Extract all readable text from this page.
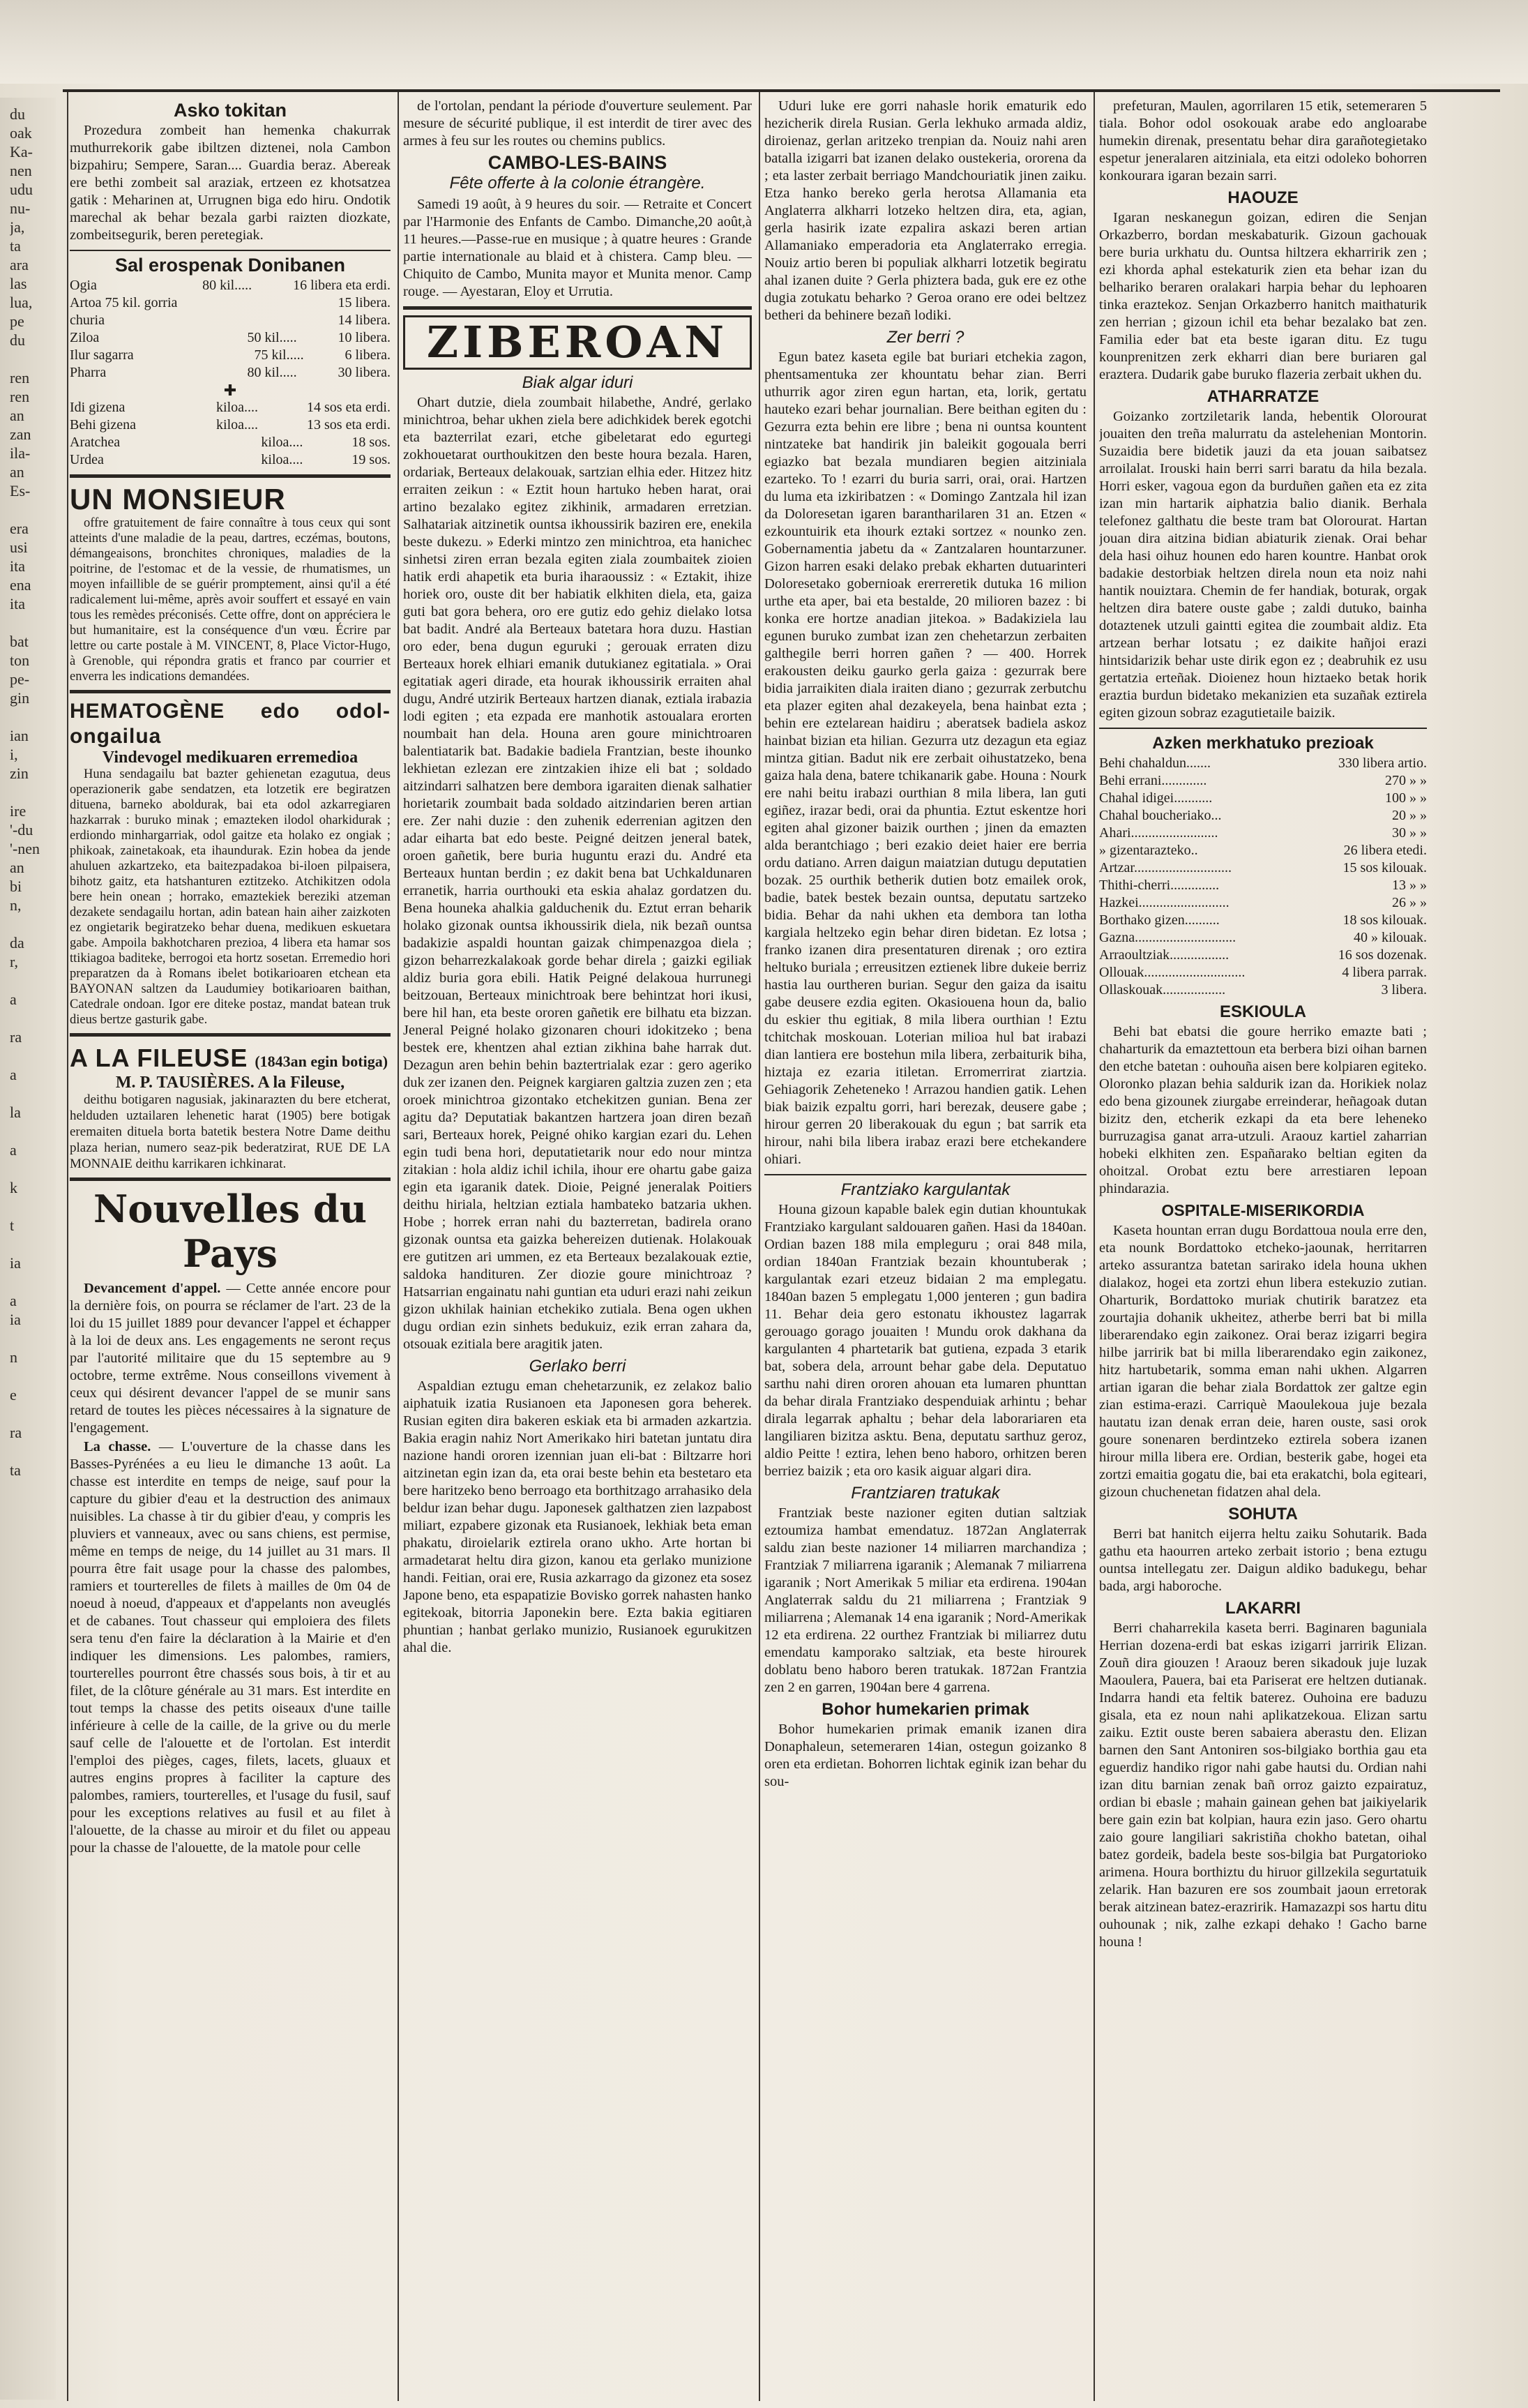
du
oak
Ka-
nen
udu
nu-
ja,
ta
ara
las
lua,
pe
du
ren
ren
an
zan
ila-
an
Es-
era
usi
ita
ena
ita
bat
ton
pe-
gin
ian
i,
zin
ire
'-du
'-nen
an
bi
n,
da
r,
a
ra
a
la
a
k
t
ia
a
ia
n
e
ra
ta
Asko tokitan

Prozedura zombeit han hemenka chakurrak muthurrekorik gabe ibiltzen diztenei, nola Cambon bizpahiru; Sempere, Saran.... Guardia beraz. Abereak ere bethi zombeit sal araziak, ertzeen ez khotsatzea gatik : Meharinen at, Urrugnen biga edo hiru. Ondotik marechal ak behar bezala garbi raizten diozkate, zombeitsegurik, beren peretegiak.

Sal erospenak Donibanen
Ogia	80 kil.....	16 libera eta erdi.
Artoa 75 kil. gorria	15 libera.
churia	14 libera.
Ziloa	50 kil.....	10 libera.
Ilur sagarra	75 kil.....	6 libera.
Pharra	80 kil.....	30 libera.
✚
Idi gizena	kiloa....	14 sos eta erdi.
Behi gizena	kiloa....	13 sos eta erdi.
Aratchea	kiloa....	18 sos.
Urdea	kiloa....	19 sos.
UN MONSIEUR

offre gratuitement de faire connaître à tous ceux qui sont atteints d'une maladie de la peau, dartres, eczémas, boutons, démangeaisons, bronchites chroniques, maladies de la poitrine, de l'estomac et de la vessie, de rhumatismes, un moyen infaillible de se guérir promptement, ainsi qu'il a été radicalement lui-même, après avoir souffert et essayé en vain tous les remèdes préconisés. Cette offre, dont on appréciera le but humanitaire, est la conséquence d'un vœu. Écrire par lettre ou carte postale à M. VINCENT, 8, Place Victor-Hugo, à Grenoble, qui répondra gratis et franco par courrier et enverra les indications demandées.

HEMATOGÈNE edo odol-ongailua
Vindevogel medikuaren erremedioa

Huna sendagailu bat bazter gehienetan ezagutua, deus operazionerik gabe sendatzen, eta lotzetik ere begiratzen dituena, barneko aboldurak, bai eta odol azkarregiaren hazkarrak : buruko minak ; emazteken ilodol oharkidurak ; erdiondo minhargarriak, odol gaitze eta holako ez ongiak ; phikoak, zainetakoak, eta ihaundurak. Ezin hobea da jende ahuluen azkartzeko, eta baitezpadakoa bi-iloen pilpaisera, bihotz gaitz, eta hatshanturen eztitzeko. Atchikitzen odola bere hein onean ; horrako, emaztekiek bereziki atzeman dezakete sendagailu hortan, adin batean hain aiher zaizkoten ez ongietarik begiratzeko behar duena, medikuen eskuetara gabe. Ampoila bakhotcharen prezioa, 4 libera eta hamar sos ttikiagoa baditeke, berrogoi eta hortz sosetan. Erremedio hori preparatzen da à Romans ibelet botikarioaren etchean eta BAYONAN saltzen da Laudumiey botikarioaren baithan, Catedrale ondoan. Igor ere diteke postaz, mandat batean truk dieus bertze gasturik gabe.

A LA FILEUSE (1843an egin botiga)
M. P. TAUSIÈRES. A la Fileuse,

deithu botigaren nagusiak, jakinarazten du bere etcherat, helduden uztailaren lehenetic harat (1905) bere botigak eremaiten dituela borta batetik bestera Notre Dame deithu plaza herian, numero seaz-pik bederatzirat, RUE DE LA MONNAIE deithu karrikaren ichkinarat.

Nouvelles du Pays

Devancement d'appel. — Cette année encore pour la dernière fois, on pourra se réclamer de l'art. 23 de la loi du 15 juillet 1889 pour devancer l'appel et échapper à la loi de deux ans. Les engagements ne seront reçus par l'autorité militaire que du 15 septembre au 9 octobre, terme extrême. Nous conseillons vivement à ceux qui désirent devancer l'appel de se munir sans retard de toutes les pièces nécessaires à la signature de l'engagement.

La chasse. — L'ouverture de la chasse dans les Basses-Pyrénées a eu lieu le dimanche 13 août. La chasse est interdite en temps de neige, sauf pour la capture du gibier d'eau et la destruction des animaux nuisibles. La chasse à tir du gibier d'eau, y compris les pluviers et vanneaux, avec ou sans chiens, est permise, même en temps de neige, du 14 juillet au 31 mars. Il pourra être fait usage pour la chasse des palombes, ramiers et tourterelles de filets à mailles de 0m 04 de noeud à noeud, d'appeaux et d'appelants non aveuglés et de cabanes. Tout chasseur qui emploiera des filets sera tenu d'en faire la déclaration à la Mairie et d'en indiquer les dimensions. Les palombes, ramiers, tourterelles pourront être chassés sous bois, à tir et au filet, de la clôture générale au 31 mars. Est interdite en tout temps la chasse des petits oiseaux d'une taille inférieure à celle de la caille, de la grive ou du merle sauf celle de l'alouette et de l'ortolan. Est interdit l'emploi des pièges, cages, filets, lacets, gluaux et autres engins propres à faciliter la capture des palombes, ramiers, tourterelles, et l'usage du fusil, sauf pour les exceptions relatives au fusil et au filet à l'alouette, de la chasse au miroir et du filet ou appeau pour la chasse de l'alouette, de la matole pour celle

de l'ortolan, pendant la période d'ouverture seulement. Par mesure de sécurité publique, il est interdit de tirer avec des armes à feu sur les routes ou chemins publics.

CAMBO-LES-BAINS
Fête offerte à la colonie étrangère.

Samedi 19 août, à 9 heures du soir. — Retraite et Concert par l'Harmonie des Enfants de Cambo. Dimanche,20 août,à 11 heures.—Passe-rue en musique ; à quatre heures : Grande partie internationale au blaid et à chistera. Camp bleu. — Chiquito de Cambo, Munita mayor et Munita menor. Camp rouge. — Ayestaran, Eloy et Urrutia.

ZIBEROAN
Biak algar iduri

Ohart dutzie, diela zoumbait hilabethe, André, gerlako minichtroa, behar ukhen ziela bere adichkidek berek egotchi eta bazterrilat ezari, etche gibeletarat edo egurtegi zokhouetarat ourthoukitzen den beste houra bezala. Haren, ordariak, Berteaux delakouak, sartzian elhia eder. Hitzez hitz erraiten zeikun : « Eztit houn hartuko heben harat, orai artino bezalako egitez zikhinik, armadaren erretzian. Salhatariak aitzinetik ountsa ikhoussirik baziren ere, enekila beste dukezu. » Ederki mintzo zen minichtroa, eta hanichec sinhetsi ziren erran bezala egiten ziala zoumbaitek zioien hatik erdi ahapetik eta buria iharaoussiz : « Eztakit, ihize horiek oro, ouste dit ber habiatik elkhiten diela, eta, gaiza guti bat gora behera, oro ere gutiz edo gehiz dielako lotsa bat badit. André ala Berteaux batetara hora duzu. Hastian oro eder, bena dugun eguruki ; gerouak erraten dizu Berteaux horek elhiari emanik dutukianez egitatiala. » Orai egitatiak ageri dirade, eta hourak ikhoussirik erraiten ahal dugu, André utzirik Berteaux hartzen dianak, eztiala irabazia lodi egiten ; eta ezpada ere manhotik astoualara erorten noumbait han dela. Houna aren goure minichtroaren balentiatarik bat. Badakie badiela Frantzian, beste ihounko lekhietan ezlezan ere zintzakien ihize eli bat ; soldado aitzindarri salhatzen bere dembora igaraiten dienak salhatier horietarik zoumbait bada soldado aitzindarien beren artian ere. Zer nahi duzie : den zuhenik ederrenian agitzen den adar eiharta bat edo beste. Peigné deitzen jeneral batek, oroen gañetik, bere buria huguntu erazi du. André eta Berteaux huntan berdin ; ez dakit bena bat Uchkaldunaren erranetik, harria ourthouki eta eskia ahalaz gordatzen du. Bena houneka ahalkia galduchenik du. Eztut erran beharik holako gizonak ountsa ikhoussirik diela, nik bezañ ountsa badakizie aspaldi hountan gaizak chimpenazgoa diela ; gizon beharrezkalakoak gorde behar direla ; gaizki egiliak aldiz buria gora ebili. Hatik Peigné delakoua hurrunegi beitzouan, Berteaux minichtroak bere behintzat hori ikusi, bere hil han, eta beste ororen gañetik ere bilhatu eta bizzan. Jeneral Peigné holako gizonaren chouri idokitzeko ; bena bestek ere, khentzen ahal eztian zikhina bahe harrak dut. Dezagun aren behin behin baztertrialak ezar : gero ageriko duk zer izanen den. Peignek kargiaren galtzia zuzen zen ; eta oroek minichtroa gizontako etchekitzen gunian. Bena zer agitu da? Deputatiak bakantzen hartzera joan diren bezañ sari, Berteaux horek, Peigné ohiko kargian ezari du. Lehen egin tudi bena hori, deputatietarik nour edo nour mintza zitakian : hola aldiz ichil ichila, ihour ere ohartu gabe gaiza egin eta igaranik datek. Dioie, Peigné jeneralak Poitiers deithu hiriala, heltzian eztiala hambateko batzaria ukhen. Hobe ; horrek erran nahi du bazterretan, badirela orano gizonak ountsa eta gaizka behereizen dutienak. Holakouak ere gutitzen ari ummen, ez eta Berteaux bezalakouak eztie, saldoka handituren. Zer diozie goure minichtroaz ? Hatsarrian engainatu nahi guntian eta uduri erazi nahi zeikun gizon ukhilak hainian etchekiko zutiala. Bena ogen ukhen dugu ordian ezin sinhets bedukuiz, ezik erran zahara da, otsouak ezitiala bere aragitik jaten.

Gerlako berri

Aspaldian eztugu eman chehetarzunik, ez zelakoz balio aiphatuik izatia Rusianoen eta Japonesen gora beherek. Rusian egiten dira bakeren eskiak eta bi armaden azkartzia. Bakia eragin nahiz Nort Amerikako hiri batetan juntatu dira nazione handi ororen izennian juan eli-bat : Biltzarre hori aitzinetan egin izan da, eta orai beste behin eta bestetaro eta bere haritzeko beno berroago eta borthitzago arrahasiko dela beldur izan behar dugu. Japonesek galthatzen zien lazpabost miliart, ezpabere gizonak eta Rusianoek, lekhiak beta eman phakatu, diroielarik eztirela orano ukho. Arte hortan bi armadetarat heltu dira gizon, kanou eta gerlako munizione handi. Feitian, orai ere, Rusia azkarrago da gizonez eta sosez Japone beno, eta espapatizie Bovisko gorrek nahasten hanko egitekoak, bitorria Japonekin bere. Ezta bakia egitiaren phuntian ; hanbat gerlako munizio, Rusianoek egurukitzen ahal die.

Uduri luke ere gorri nahasle horik ematurik edo hezicherik direla Rusian. Gerla lekhuko armada aldiz, diroienaz, gerlan aritzeko trenpian da. Nouiz nahi aren batalla izigarri bat izanen delako oustekeria, ororena da ; eta laster zerbait berriago Mandchouriatik jinen zaiku. Etza hanko bereko gerla herotsa Allamania eta Anglaterra alkharri lotzeko heltzen dira, eta, agian, gerla hasirik izate ezpalira askazi beren artian Allamaniako emperadoria eta Anglaterrako erregia. Nouiz artio beren bi populiak alkharri lotzetik begiratu ahal izanen duite ? Gerla phiztera bada, guk ere ez othe dugia zotukatu beharko ? Geroa orano ere odei beltzez betheri da behinere bezañ lodiki.

Zer berri ?

Egun batez kaseta egile bat buriari etchekia zagon, phentsamentuka zer khountatu behar zian. Berri uthurrik agor ziren egun hartan, eta, lorik, gertatu hauteko ezari behar journalian. Bere beithan egiten du : Gezurra ezta behin ere libre ; bena ni ountsa kountent nintzateke bat handirik jin baleikit gogouala berri egiazko bat bezala mundiaren begien aitziniala ezarteko. To ! ezarri du buria sarri, orai, orai. Hartzen du luma eta izkiribatzen : « Domingo Zantzala hil izan da Doloresetan igaren barantharilaren 31 an. Etzen « ezkountuirik eta ihourk eztaki sortzez « nounko zen. Gobernamentia jabetu da « Zantzalaren hountarzuner. Gizon harren esaki delako prebak ekharten dutuarinteri Doloresetako gobernioak ererreretik dutuka 16 milion urthe eta aper, bai eta bestalde, 20 milioren bazez : bi konka ere hortze anadian jitekoa. » Badakiziela lau egunen buruko zumbat izan zen chehetarzun zerbaiten galthegile berri horren gañen ? — 400. Horrek erakousten deiku gaurko gerla gaiza : gezurrak bere bidia jarraikiten diala iraiten diano ; gezurrak zerbutchu eta plazer egiten ahal dezakeyela, bena hainbat ezta ; behin ere eztelarean haidiru ; aberatsek badiela askoz hainbat bizian eta hilian. Gezurra utz dezagun eta egiaz mintza gitian. Badut nik ere zerbait oihustatzeko, bena gaiza hala dena, batere tchikanarik gabe. Houna : Nourk ere nahi beitu irabazi ourthian 8 mila libera, lan guti egiñez, irazar bedi, orai da phuntia. Eztut eskentze hori egiten ahal gizoner baizik ourthen ; jinen da emazten alda berantchiago ; beri ezakio deiet haier ere berria ordu datiano. Arren daigun maiatzian dutugu deputatien bozak. 25 ourthik betherik dutien botz emailek orok, badie, batek bestek bezain ountsa, deputatu sartzeko bidia. Behar da nahi ukhen eta dembora tan lotha kargiala heltzeko egin behar diren bidetan. Ez lotsa ; franko izanen dira presentaturen direnak ; oro eztira heltuko buriala ; erreusitzen eztienek libre dukeie berriz hastia lau ourtheren burian. Segur den gaiza da isaitu gabe deusere ezdia egiten. Okasiouena houn da, balio du eskier thu egitiak, 8 mila libera ourthian ! Eztu tchitchak moskouan. Loterian milioa hul bat irabazi dian lantiera ere bostehun mila libera, zerbaiturik biha, hiztaja ez ezaria itiletan. Erromerrirat ziartzia. Gehiagorik Zeheteneko ! Arrazou handien gatik. Lehen biak baizik ezpaltu gorri, hari berezak, deusere gabe ; hirour gerren 20 liberakouak du egun ; bat sarrik eta hirour, nahi bila libera irabaz erazi bere etchekandere ohiari.

Frantziako kargulantak

Houna gizoun kapable balek egin dutian khountukak Frantziako kargulant saldouaren gañen. Hasi da 1840an. Ordian bazen 188 mila empleguru ; orai 848 mila, ordian 1840an Frantziak bezain khountuberak ; kargulantak ezari etzeuz bidaian 2 ma emplegatu. 1840an bazen 5 emplegatu 1,000 jenteren ; gun badira 11. Behar deia gero estonatu ikhoustez lagarrak gerouago gorago jouaiten ! Mundu orok dakhana da kargulanten 4 phartetarik bat gutiena, ezpada 3 etarik bat, sobera dela, arrount behar gabe dela. Deputatuo sarthu nahi diren ororen ahouan eta lumaren phunttan da behar dirala Frantziako despenduiak arhintu ; behar dirala legarrak aphaltu ; behar dela laborariaren eta langiliaren bizitza asktu. Bena, deputatu sarthuz geroz, aldio Peitte ! eztira, lehen beno haboro, orhitzen beren berriez baizik ; eta oro kasik aiguar algari dira.

Frantziaren tratukak

Frantziak beste nazioner egiten dutian saltziak eztoumiza hambat emendatuz. 1872an Anglaterrak saldu zian beste nazioner 14 miliarren marchandiza ; Frantziak 7 miliarrena igaranik ; Alemanak 7 miliarrena igaranik ; Nort Amerikak 5 miliar eta erdirena. 1904an Anglaterrak saldu du 21 miliarrena ; Frantziak 9 miliarrena ; Alemanak 14 ena igaranik ; Nord-Amerikak 12 eta erdirena. 22 ourthez Frantziak bi miliarrez dutu emendatu kamporako saltziak, eta beste hirourek doblatu beno haboro beren tratukak. 1872an Frantzia zen 2 en garren, 1904an bere 4 garrena.

Bohor humekarien primak

Bohor humekarien primak emanik izanen dira Donaphaleun, setemeraren 14ian, ostegun goizanko 8 oren eta erdietan. Bohorren lichtak eginik izan behar du sou-

prefeturan, Maulen, agorrilaren 15 etik, setemeraren 5 tiala. Bohor odol osokouak arabe edo angloarabe humekin direnak, presentatu behar dira garañotegietako espetur jeneralaren aitziniala, eta eitzi odoleko bohorren konkourara igaran bezain sarri.

HAOUZE

Igaran neskanegun goizan, ediren die Senjan Orkazberro, bordan meskabaturik. Gizoun gachouak bere buria urkhatu du. Ountsa hiltzera ekharririk zen ; ezi khorda aphal estekaturik zien eta behar izan du belhariko beraren oralakari harpia behar du lephoaren tinka eraztekoz. Senjan Orkazberro hanitch maithaturik zen herrian ; gizoun ichil eta behar bezalako bat zen. Familia eder bat eta beste igaran ditu. Ez tugu kounprenitzen zerk ekharri dian bere buriaren gal eraztera. Dudarik gabe buruko flazeria zerbait ukhen du.

ATHARRATZE

Goizanko zortziletarik landa, hebentik Olorourat jouaiten den treña malurratu da astelehenian Montorin. Suzaidia bere bidetik jauzi da eta jouan saibatsez arroilalat. Irouski hain berri sarri baratu da hila bezala. Horri esker, vagoua egon da burduñen gañen eta ez zita izan min hartarik aiphatzia balio dianik. Berhala telefonez galthatu die beste tram bat Olorourat. Hartan jouan dira aitzina bidian abiaturik zienak. Orai behar dela hasi oihuz hounen edo haren kountre. Hanbat orok badakie destorbiak heltzen direla noun eta noiz nahi hantik nouiztara. Chemin de fer handiak, boturak, orgak heltzen dira batere ouste gabe ; zaldi dutuko, bainha dotaztenek utzuli gaintti egitea die zoumbait aldiz. Eta artzean berhar lotsatu ; ez daikite hañjoi erazi hintsidarizik behar uste dirik egon ez ; deabruhik ez usu gertatzia erteñak. Dioienez houn hiztaeko betak horik eraztia burdun bidetako mekanizien eta suzañak eztirela egiten gizoun sobraz ezagutietaile baizik.

Azken merkhatuko prezioak
Behi chahaldun.......	330 libera artio.
Behi errani.............	270 » »
Chahal idigei...........	100 » »
Chahal boucheriako...	20 » »
Ahari.........................	30 » »
» gizentarazteko..	26 libera etedi.
Artzar............................	15 sos kilouak.
Thithi-cherri..............	13 » »
Hazkei..........................	26 » »
Borthako gizen..........	18 sos kilouak.
Gazna.............................	40 » kilouak.
Arraoultziak.................	16 sos dozenak.
Ollouak.............................	4 libera parrak.
Ollaskouak..................	3 libera.
ESKIOULA

Behi bat ebatsi die goure herriko emazte bati ; chaharturik da emaztettoun eta berbera bizi oihan barnen den etche batetan : ouhouña aisen bere kolpiaren egiteko. Oloronko plazan behia saldurik izan da. Horikiek nolaz edo bena gizounek ziurgabe erreinderar, heñagoak dutan bizitz den, etcherik ezkapi da eta bere leheneko burruzagisa ganat arra-utzuli. Araouz kartiel zaharrian hobeki elkhiten zen. Españarako beltian egiten da ohoitzal. Orobat eztu bere arrestiaren lepoan phindarazia.

OSPITALE-MISERIKORDIA

Kaseta hountan erran dugu Bordattoua noula erre den, eta nounk Bordattoko etcheko-jaounak, herritarren arteko assurantza batetan sarirako idela houna ukhen dialakoz, hogei eta zortzi ehun libera estekuzio zutian. Oharturik, Bordattoko muriak chutirik baratzez eta zourtajia dohanik ukheitez, atherbe berri bat bi milla liberarendako egin zaikonez. Orai beraz izigarri begira hilbe jarririk bat bi milla liberarendako egin zaikonez, hitz hartubetarik, somma eman nahi ukhen. Algarren artian igaran die behar ziala Bordattok zer galtze egin zian estima-erazi. Carriquè Maoulekoua juje bezala hautatu izan denak erran deie, haren ouste, sasi orok goure sonenaren berdintzeko eztirela sobera izanen hirour milla libera ere. Ordian, besterik gabe, hogei eta zortzi emaitia gogatu die, bai eta erakatchi, bola egiteari, gizoun chuchenetan fidatzen ahal dela.

SOHUTA

Berri bat hanitch eijerra heltu zaiku Sohutarik. Bada gathu eta haourren arteko zerbait istorio ; bena eztugu ountsa intellegatu zer. Daigun aldiko badukegu, behar bada, argi haboroche.

LAKARRI

Berri chaharrekila kaseta berri. Baginaren baguniala Herrian dozena-erdi bat eskas izigarri jarririk Elizan. Zouñ dira giouzen ! Araouz beren sikadouk juje luzak Maoulera, Pauera, bai eta Pariserat ere heltzen dutianak. Indarra handi eta feltik baterez. Ouhoina ere baduzu gisala, eta ez noun nahi aplikatzekoua. Elizan sartu zaiku. Eztit ouste beren sabaiera aberastu den. Elizan barnen den Sant Antoniren sos-bilgiako borthia gau eta eguerdiz handiko rigor nahi gabe hautsi du. Ordian nahi izan ditu barnian zenak bañ orroz gaizto ezpairatuz, ordian bi ebasle ; mahain gainean gehen bat jaikiyelarik bere gain ezin bat kolpian, haura ezin jaso. Gero ohartu zaio goure langiliari sakristiña chokho batetan, oihal batez gordeik, badela beste sos-bilgia bat Purgatorioko arimena. Houra borthiztu du hiruor gillzekila segurtatuik zelarik. Han bazuren ere sos zoumbait jaoun erretorak berak aitzinean batez-erazririk. Hamazazpi sos hartu ditu ouhounak ; nik, zalhe ezkapi dehako ! Gacho barne houna !
